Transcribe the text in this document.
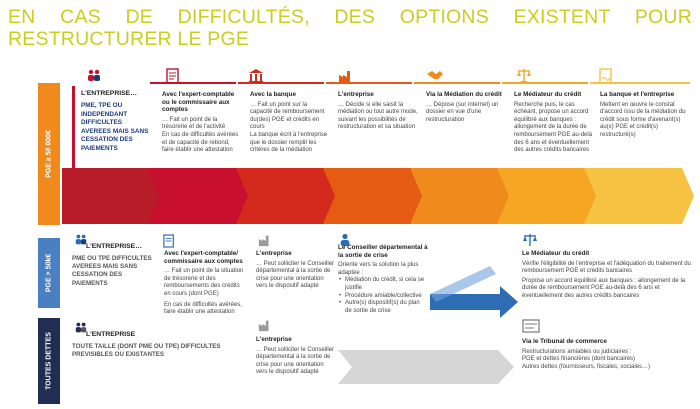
EN CAS DE DIFFICULTÉS, DES OPTIONS EXISTENT POUR
RESTRUCTURER LE PGE
PGE ≥ 50 000€
PGE > 50k€
TOUTES DETTES
L'ENTREPRISE…
PME, TPE OU INDEPENDANT DIFFICULTES AVEREES MAIS SANS CESSATION DES PAIEMENTS
Avec l'expert-comptable ou le commissaire aux comptes

… Fait un point de la trésorerie et de l'activité

En cas de difficultés avérées et de capacité de rebond, faire établir une attestation

Avec la banque

… Fait un point sur la capacité de remboursement du(des) PGE et crédits en cours

La banque écrit à l'entreprise que le dossier remplit les critères de la médiation

L'entreprise

… Décide si elle saisit la médiation ou tout autre mode, suivant les possibilités de restructuration et sa situation

Via la Médiation du crédit

… Dépose (sur internet) un dossier en vue d'une restructuration

Le Médiateur du crédit

Recherche puis, le cas échéant, propose un accord équilibré aux banques : allongement de la durée de remboursement PGE au-delà des 6 ans et éventuellement des autres crédits bancaires

La banque et l'entreprise

Mettent en œuvre le constat d'accord issu de la médiation du crédit sous forme d'avenant(s) au(x) PGE et crédit(s) restructuré(s)

L'ENTREPRISE…
PME OU TPE DIFFICULTES AVEREES MAIS SANS CESSATION DES PAIEMENTS
Avec l'expert-comptable/ commissaire aux comptes

… Fait un point de la situation de trésorerie et des remboursements des crédits en cours (dont PGE)

En cas de difficultés avérées, faire établir une attestation

L'entreprise

… Peut solliciter le Conseiller départemental à la sortie de crise pour une orientation vers le dispositif adapté

Le Conseiller départemental à la sortie de crise

Oriente vers la solution la plus adaptée :

• Médiation du crédit, si cela se justifie

• Procédure amiable/collective

• Autre(s) dispositif(s) du plan de sortie de crise

Le Médiateur du crédit

Vérifie l'éligibilité de l'entreprise et l'adéquation du traitement du remboursement PGE et crédits bancaires

Propose un accord équilibré aux banques : allongement de la durée de remboursement PGE au-delà des 6 ans et éventuellement des autres crédits bancaires

L'ENTREPRISE
TOUTE TAILLE (DONT PME OU TPE) DIFFICULTES PREVISIBLES OU EXISTANTES
L'entreprise

… Peut solliciter le Conseiller départemental à la sortie de crise pour une orientation vers le dispositif adapté

Via le Tribunal de commerce

Restructurations amiables ou judiciaires :

PGE et dettes financières (dont bancaires)

Autres dettes (fournisseurs, fiscales, sociales…)
